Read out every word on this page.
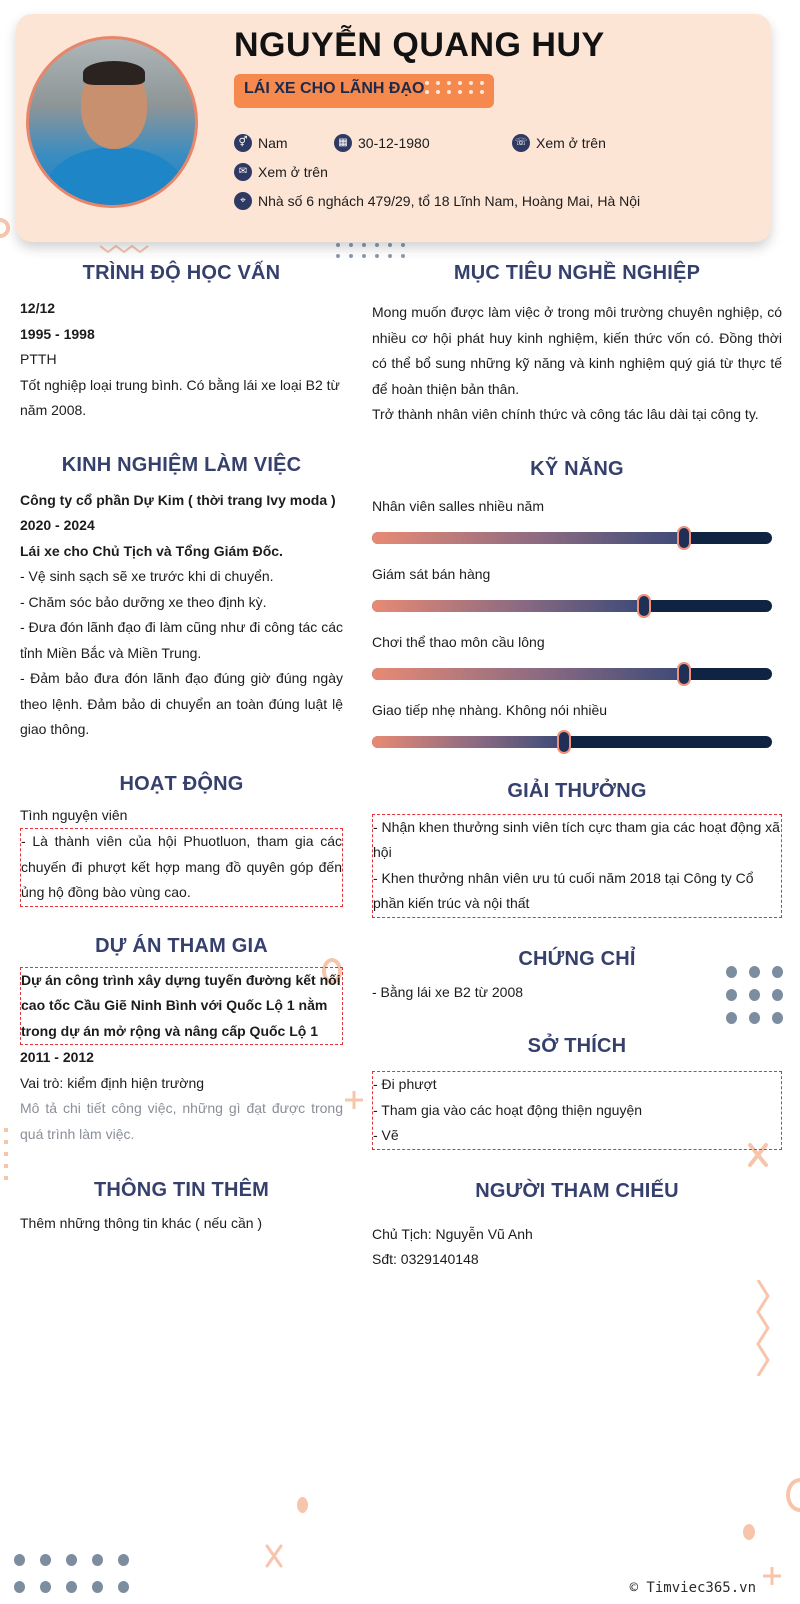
NGUYỄN QUANG HUY
LÁI XE CHO LÃNH ĐẠO
⚥ Nam	▦ 30-12-1980	☏ Xem ở trên
✉ Xem ở trên
⌖ Nhà số 6 nghách 479/29, tổ 18 Lĩnh Nam, Hoàng Mai, Hà Nội
TRÌNH ĐỘ HỌC VẤN
12/12
1995 - 1998
PTTH
Tốt nghiệp loại trung bình. Có bằng lái xe loại B2 từ năm 2008.
KINH NGHIỆM LÀM VIỆC
Công ty cổ phần Dự Kim ( thời trang Ivy moda )
2020 - 2024
Lái xe cho Chủ Tịch và Tổng Giám Đốc.
- Vệ sinh sạch sẽ xe trước khi di chuyển.
- Chăm sóc bảo dưỡng xe theo định kỳ.
- Đưa đón lãnh đạo đi làm cũng như đi công tác các tỉnh Miền Bắc và Miền Trung.
- Đảm bảo đưa đón lãnh đạo đúng giờ đúng ngày theo lệnh. Đảm bảo di chuyển an toàn đúng luật lệ giao thông.
HOẠT ĐỘNG
Tình nguyện viên
- Là thành viên của hội Phuotluon, tham gia các chuyến đi phượt kết hợp mang đồ quyên góp đến ủng hộ đồng bào vùng cao.
DỰ ÁN THAM GIA
Dự án công trình xây dựng tuyến đường kết nối cao tốc Cầu Giẽ Ninh Bình với Quốc Lộ 1 nằm trong dự án mở rộng và nâng cấp Quốc Lộ 1
2011 - 2012
Vai trò: kiểm định hiện trường
Mô tả chi tiết công việc, những gì đạt được trong quá trình làm việc.
THÔNG TIN THÊM
Thêm những thông tin khác ( nếu cần )
MỤC TIÊU NGHỀ NGHIỆP
Mong muốn được làm việc ở trong môi trường chuyên nghiệp, có nhiều cơ hội phát huy kinh nghiệm, kiến thức vốn có. Đồng thời có thể bổ sung những kỹ năng và kinh nghiệm quý giá từ thực tế để hoàn thiện bản thân.
Trở thành nhân viên chính thức và công tác lâu dài tại công ty.
KỸ NĂNG
Nhân viên salles nhiều năm
Giám sát bán hàng
Chơi thể thao môn cầu lông
Giao tiếp nhẹ nhàng. Không nói nhiều
GIẢI THƯỞNG
- Nhận khen thưởng sinh viên tích cực tham gia các hoạt động xã hội
- Khen thưởng nhân viên ưu tú cuối năm 2018 tại Công ty Cổ phần kiến trúc và nội thất
CHỨNG CHỈ
- Bằng lái xe B2 từ 2008
SỞ THÍCH
- Đi phượt
- Tham gia vào các hoạt động thiện nguyện
- Vẽ
NGƯỜI THAM CHIẾU
Chủ Tịch: Nguyễn Vũ Anh
Sđt: 0329140148
© Timviec365.vn
